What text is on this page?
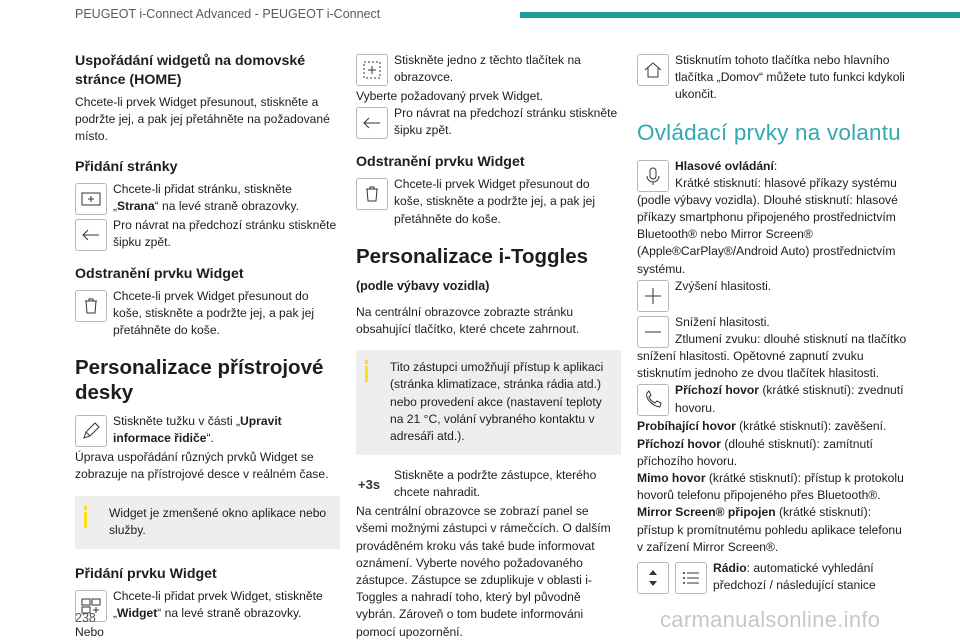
PEUGEOT i-Connect Advanced - PEUGEOT i-Connect
Uspořádání widgetů na domovské stránce (HOME)

Chcete-li prvek Widget přesunout, stiskněte a podržte jej, a pak jej přetáhněte na požadované místo.

Přidání stránky
Chcete-li přidat stránku, stiskněte
„Strana“ na levé straně obrazovky.
Pro návrat na předchozí stránku stiskněte šipku zpět.
Odstranění prvku Widget
Chcete-li prvek Widget přesunout do koše, stiskněte a podržte jej, a pak jej přetáhněte do koše.
Personalizace přístrojové desky
Stiskněte tužku v části „Upravit informace řidiče“.

Úprava uspořádání různých prvků Widget se zobrazuje na přístrojové desce v reálném čase.

Widget je zmenšené okno aplikace nebo služby.
Přidání prvku Widget
Chcete-li přidat prvek Widget, stiskněte „Widget“ na levé straně obrazovky.

Nebo

Stiskněte jedno z těchto tlačítek na obrazovce.

Vyberte požadovaný prvek Widget.

Pro návrat na předchozí stránku stiskněte šipku zpět.
Odstranění prvku Widget
Chcete-li prvek Widget přesunout do koše, stiskněte a podržte jej, a pak jej přetáhněte do koše.
Personalizace i-Toggles
(podle výbavy vozidla)

Na centrální obrazovce zobrazte stránku obsahující tlačítko, které chcete zahrnout.

Tito zástupci umožňují přístup k aplikaci (stránka klimatizace, stránka rádia atd.) nebo provedení akce (nastavení teploty na 21 °C, volání vybraného kontaktu v adresáři atd.).
+3s
Stiskněte a podržte zástupce, kterého chcete nahradit.

Na centrální obrazovce se zobrazí panel se všemi možnými zástupci v rámečcích. O dalším prováděném kroku vás také bude informovat oznámení. Vyberte nového požadovaného zástupce. Zástupce se zduplikuje v oblasti i-Toggles a nahradí toho, který byl původně vybrán. Zároveň o tom budete informováni pomocí upozornění.

Stisknutím tohoto tlačítka nebo hlavního tlačítka „Domov“ můžete tuto funkci kdykoli ukončit.
Ovládací prvky na volantu
Hlasové ovládání:

Krátké stisknutí: hlasové příkazy systému (podle výbavy vozidla). Dlouhé stisknutí: hlasové příkazy smartphonu připojeného prostřednictvím Bluetooth® nebo Mirror Screen® (Apple®CarPlay®/Android Auto) prostřednictvím systému.

Zvýšení hlasitosti.
Snížení hlasitosti.

Ztlumení zvuku: dlouhé stisknutí na tlačítko snížení hlasitosti. Opětovné zapnutí zvuku stisknutím jednoho ze dvou tlačítek hlasitosti.

Příchozí hovor (krátké stisknutí): zvednutí hovoru.

Probíhající hovor (krátké stisknutí): zavěšení.
Příchozí hovor (dlouhé stisknutí): zamítnutí příchozího hovoru.
Mimo hovor (krátké stisknutí): přístup k protokolu hovorů telefonu připojeného přes Bluetooth®.
Mirror Screen® připojen (krátké stisknutí): přístup k promítnutému pohledu aplikace telefonu v zařízení Mirror Screen®.

Rádio: automatické vyhledání předchozí / následující stanice
238	carmanualsonline.info
